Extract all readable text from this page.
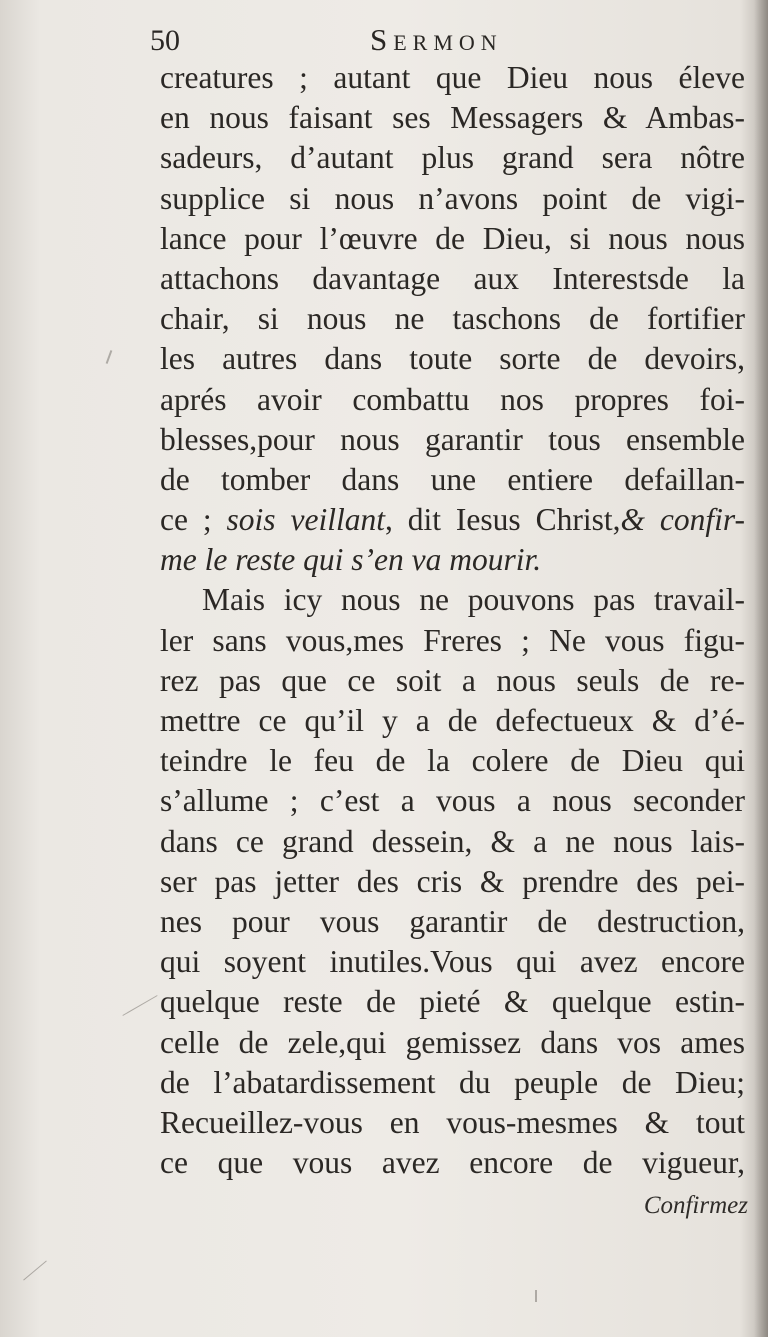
50	Sermon
creatures ; autant que Dieu nous éleve
en nous faisant ses Messagers & Ambas-
sadeurs, d’autant plus grand sera nôtre
supplice si nous n’avons point de vigi-
lance pour l’œuvre de Dieu, si nous nous
attachons davantage aux Interestsde la
chair, si nous ne taschons de fortifier
les autres dans toute sorte de devoirs,
aprés avoir combattu nos propres foi-
blesses,pour nous garantir tous ensemble
de tomber dans une entiere defaillan-
ce ; sois veillant, dit Iesus Christ,& confir-
me le reste qui s’en va mourir.
Mais icy nous ne pouvons pas travail-
ler sans vous,mes Freres ; Ne vous figu-
rez pas que ce soit a nous seuls de re-
mettre ce qu’il y a de defectueux & d’é-
teindre le feu de la colere de Dieu qui
s’allume ; c’est a vous a nous seconder
dans ce grand dessein, & a ne nous lais-
ser pas jetter des cris & prendre des pei-
nes pour vous garantir de destruction,
qui soyent inutiles.Vous qui avez encore
quelque reste de pieté & quelque estin-
celle de zele,qui gemissez dans vos ames
de l’abatardissement du peuple de Dieu;
Recueillez-vous en vous-mesmes & tout
ce que vous avez encore de vigueur,
Confirmez
